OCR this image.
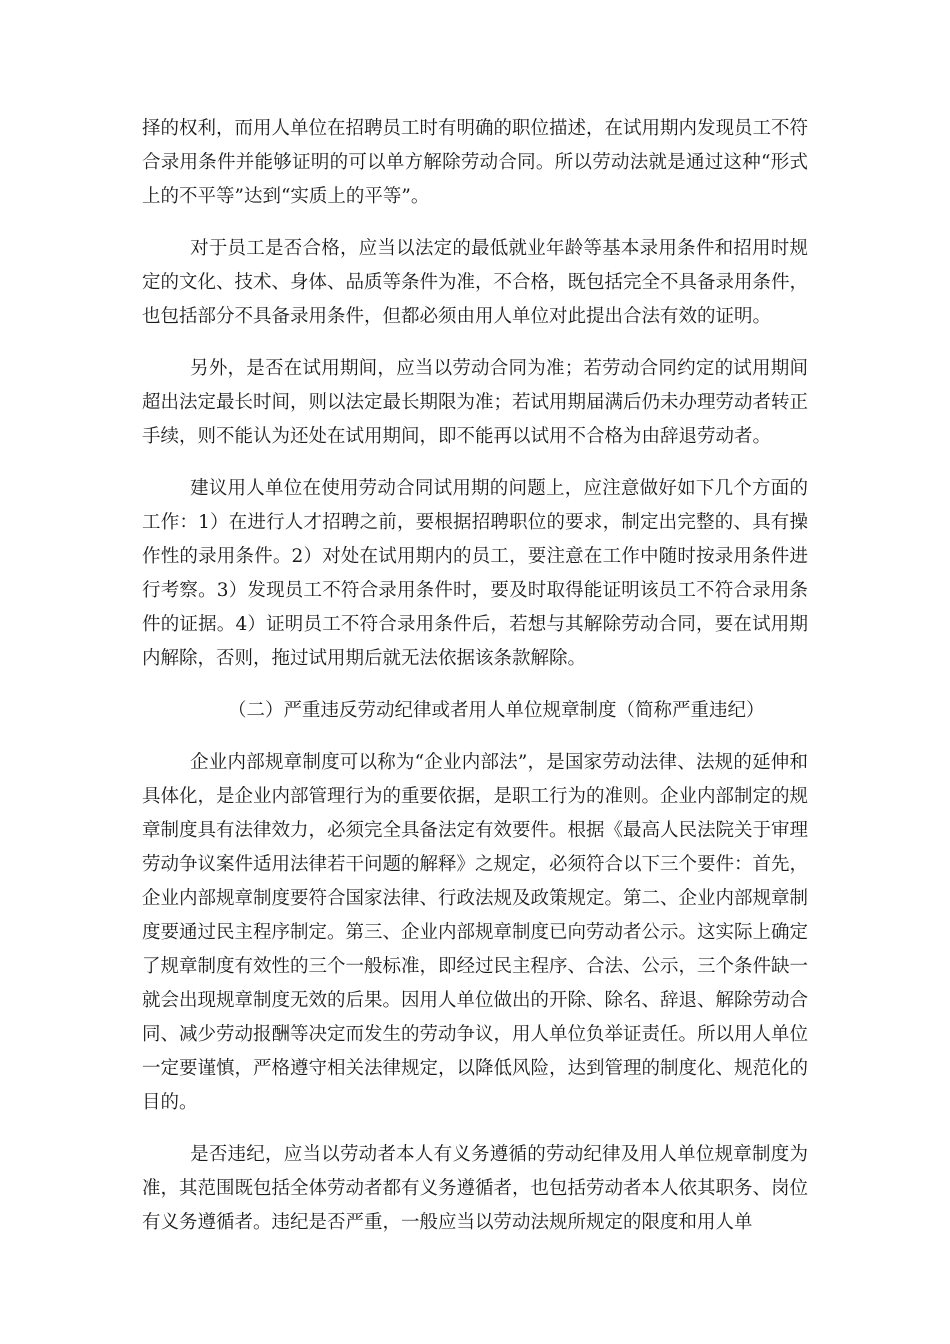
择的权利，而用人单位在招聘员工时有明确的职位描述，在试用期内发现员工不符合录用条件并能够证明的可以单方解除劳动合同。所以劳动法就是通过这种“形式上的不平等”达到“实质上的平等”。

对于员工是否合格，应当以法定的最低就业年龄等基本录用条件和招用时规定的文化、技术、身体、品质等条件为准，不合格，既包括完全不具备录用条件，也包括部分不具备录用条件，但都必须由用人单位对此提出合法有效的证明。

另外，是否在试用期间，应当以劳动合同为准；若劳动合同约定的试用期间超出法定最长时间，则以法定最长期限为准；若试用期届满后仍未办理劳动者转正手续，则不能认为还处在试用期间，即不能再以试用不合格为由辞退劳动者。

建议用人单位在使用劳动合同试用期的问题上，应注意做好如下几个方面的工作：1）在进行人才招聘之前，要根据招聘职位的要求，制定出完整的、具有操作性的录用条件。2）对处在试用期内的员工，要注意在工作中随时按录用条件进行考察。3）发现员工不符合录用条件时，要及时取得能证明该员工不符合录用条件的证据。4）证明员工不符合录用条件后，若想与其解除劳动合同，要在试用期内解除，否则，拖过试用期后就无法依据该条款解除。

（二）严重违反劳动纪律或者用人单位规章制度（简称严重违纪）

企业内部规章制度可以称为“企业内部法”，是国家劳动法律、法规的延伸和具体化，是企业内部管理行为的重要依据，是职工行为的准则。企业内部制定的规章制度具有法律效力，必须完全具备法定有效要件。根据《最高人民法院关于审理劳动争议案件适用法律若干问题的解释》之规定，必须符合以下三个要件：首先，企业内部规章制度要符合国家法律、行政法规及政策规定。第二、企业内部规章制度要通过民主程序制定。第三、企业内部规章制度已向劳动者公示。这实际上确定了规章制度有效性的三个一般标准，即经过民主程序、合法、公示，三个条件缺一就会出现规章制度无效的后果。因用人单位做出的开除、除名、辞退、解除劳动合同、减少劳动报酬等决定而发生的劳动争议，用人单位负举证责任。所以用人单位一定要谨慎，严格遵守相关法律规定，以降低风险，达到管理的制度化、规范化的目的。

是否违纪，应当以劳动者本人有义务遵循的劳动纪律及用人单位规章制度为准，其范围既包括全体劳动者都有义务遵循者，也包括劳动者本人依其职务、岗位有义务遵循者。违纪是否严重，一般应当以劳动法规所规定的限度和用人单
